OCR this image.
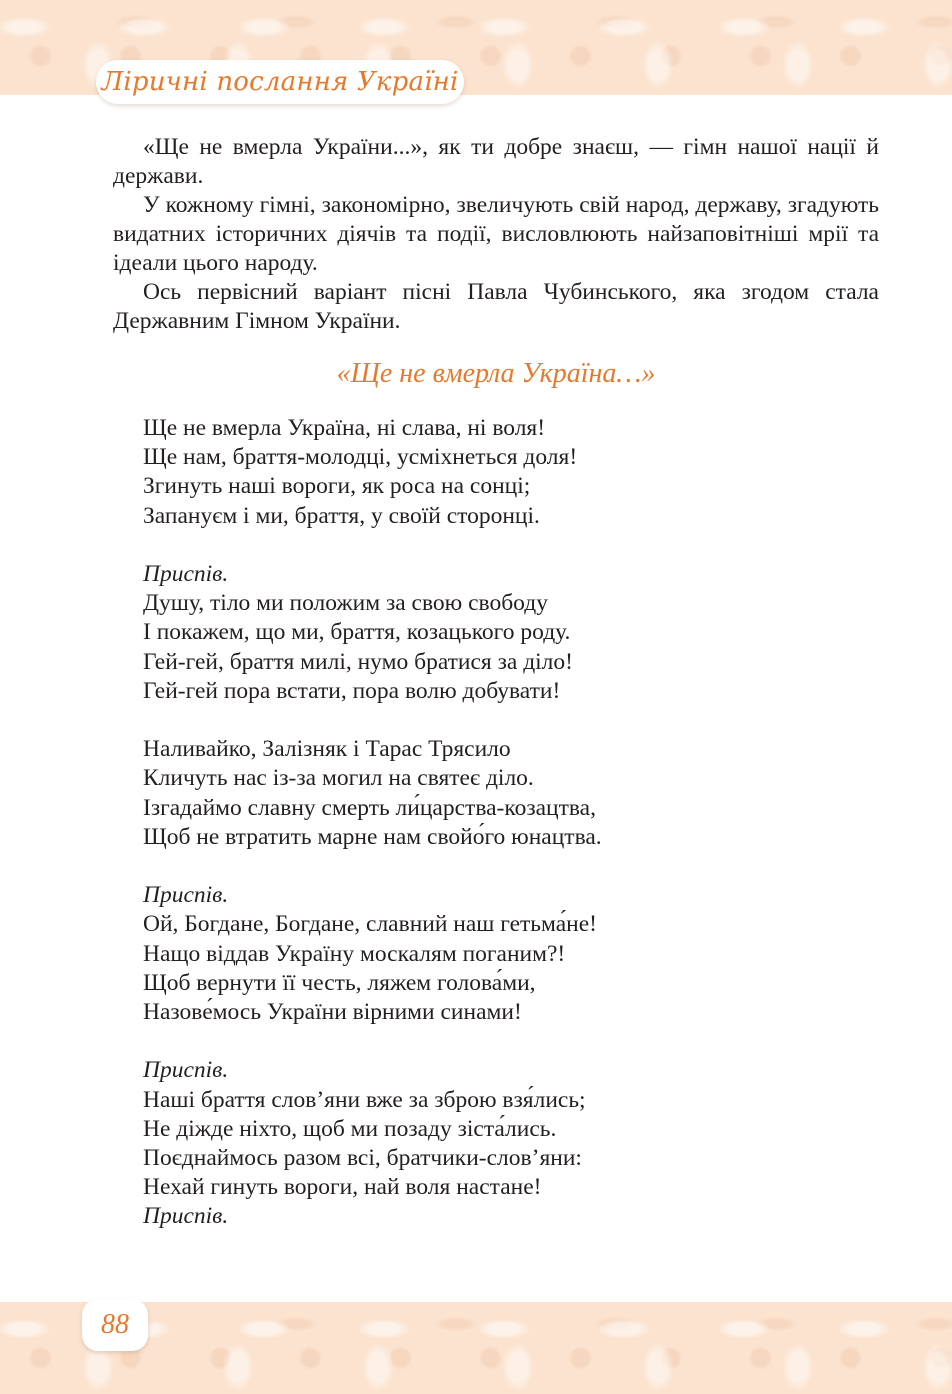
Ліричні послання Україні

«Ще не вмерла України...», як ти добре знаєш, — гімн нашої нації й держави.

У кожному гімні, закономірно, звеличують свій народ, державу, згадують видатних історичних діячів та події, висловлюють найзаповітніші мрії та ідеали цього народу.

Ось первісний варіант пісні Павла Чубинського, яка згодом стала Державним Гімном України.

«Ще не вмерла Україна…»
Ще не вмерла Україна, ні слава, ні воля!
Ще нам, браття-молодці, усміхнеться доля!
Згинуть наші вороги, як роса на сонці;
Запануєм і ми, браття, у своїй сторонці.
Приспів.
Душу, тіло ми положим за свою свободу
І покажем, що ми, браття, козацького роду.
Гей-гей, браття милі, нумо братися за діло!
Гей-гей пора встати, пора волю добувати!
Наливайко, Залізняк і Тарас Трясило
Кличуть нас із-за могил на святеє діло.
Ізгадаймо славну смерть ли́царства-козацтва,
Щоб не втратить марне нам свойо́го юнацтва.
Приспів.
Ой, Богдане, Богдане, славний наш гетьма́не!
Нащо віддав Україну москалям поганим?!
Щоб вернути її честь, ляжем голова́ми,
Назове́мось України вірними синами!
Приспів.
Наші браття слов’яни вже за зброю взя́лись;
Не діжде ніхто, щоб ми позаду зіста́лись.
Поєднаймось разом всі, братчики-слов’яни:
Нехай гинуть вороги, най воля настане!
Приспів.
88
